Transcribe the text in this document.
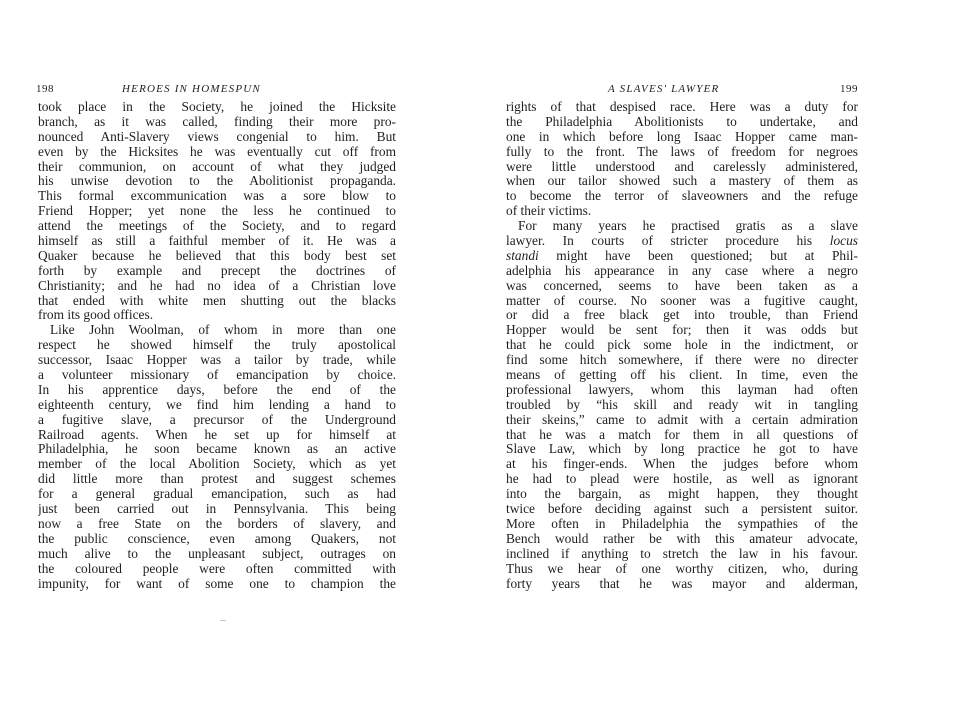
198	HEROES IN HOMESPUN
took place in the Society, he joined the Hicksite
branch, as it was called, finding their more pro-
nounced Anti-Slavery views congenial to him. But
even by the Hicksites he was eventually cut off from
their communion, on account of what they judged
his unwise devotion to the Abolitionist propaganda.
This formal excommunication was a sore blow to
Friend Hopper; yet none the less he continued to
attend the meetings of the Society, and to regard
himself as still a faithful member of it. He was a
Quaker because he believed that this body best set
forth by example and precept the doctrines of
Christianity; and he had no idea of a Christian love
that ended with white men shutting out the blacks
from its good offices.
Like John Woolman, of whom in more than one
respect he showed himself the truly apostolical
successor, Isaac Hopper was a tailor by trade, while
a volunteer missionary of emancipation by choice.
In his apprentice days, before the end of the
eighteenth century, we find him lending a hand to
a fugitive slave, a precursor of the Underground
Railroad agents. When he set up for himself at
Philadelphia, he soon became known as an active
member of the local Abolition Society, which as yet
did little more than protest and suggest schemes
for a general gradual emancipation, such as had
just been carried out in Pennsylvania. This being
now a free State on the borders of slavery, and
the public conscience, even among Quakers, not
much alive to the unpleasant subject, outrages on
the coloured people were often committed with
impunity, for want of some one to champion the
A SLAVES' LAWYER	199
rights of that despised race. Here was a duty for
the Philadelphia Abolitionists to undertake, and
one in which before long Isaac Hopper came man-
fully to the front. The laws of freedom for negroes
were little understood and carelessly administered,
when our tailor showed such a mastery of them as
to become the terror of slaveowners and the refuge
of their victims.
For many years he practised gratis as a slave
lawyer. In courts of stricter procedure his locus
standi might have been questioned; but at Phil-
adelphia his appearance in any case where a negro
was concerned, seems to have been taken as a
matter of course. No sooner was a fugitive caught,
or did a free black get into trouble, than Friend
Hopper would be sent for; then it was odds but
that he could pick some hole in the indictment, or
find some hitch somewhere, if there were no directer
means of getting off his client. In time, even the
professional lawyers, whom this layman had often
troubled by “his skill and ready wit in tangling
their skeins,” came to admit with a certain admiration
that he was a match for them in all questions of
Slave Law, which by long practice he got to have
at his finger-ends. When the judges before whom
he had to plead were hostile, as well as ignorant
into the bargain, as might happen, they thought
twice before deciding against such a persistent suitor.
More often in Philadelphia the sympathies of the
Bench would rather be with this amateur advocate,
inclined if anything to stretch the law in his favour.
Thus we hear of one worthy citizen, who, during
forty years that he was mayor and alderman,
